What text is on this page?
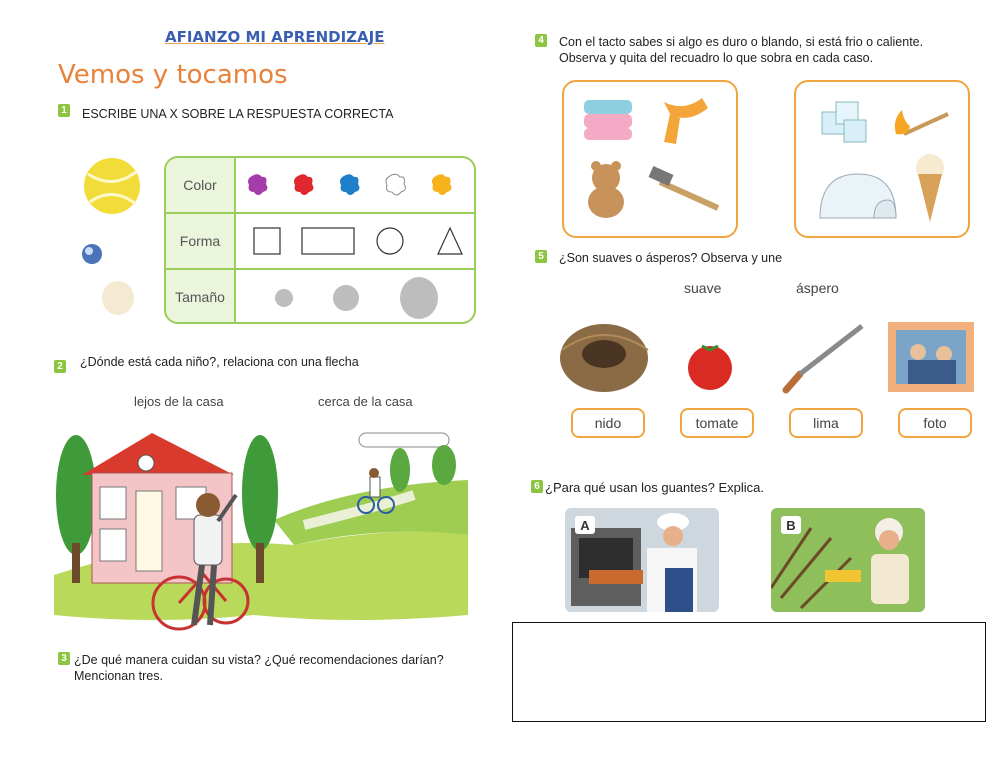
AFIANZO MI APRENDIZAJE
Vemos y tocamos
1 ESCRIBE UNA X SOBRE LA RESPUESTA CORRECTA
Color
Forma
Tamaño
2 ¿Dónde está cada niño?, relaciona con una flecha
lejos de la casa	cerca de la casa
3 ¿De qué manera cuidan su vista? ¿Qué recomendaciones darían?
Mencionan tres.
4 Con el tacto sabes si algo es duro o blando, si está frio o caliente.
Observa y quita del recuadro lo que sobra en cada caso.
5 ¿Son suaves o ásperos? Observa y une
suave	áspero
nido	tomate	lima	foto
6 ¿Para qué usan los guantes? Explica.
A	B
